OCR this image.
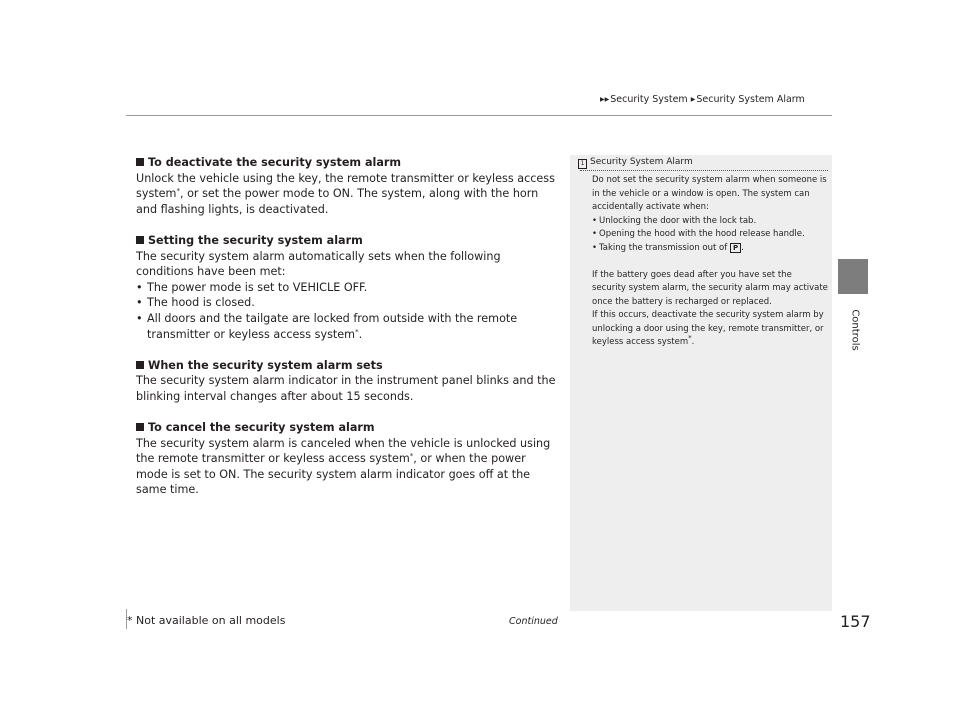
▶▶Security System ▶Security System Alarm
Controls
To deactivate the security system alarm

Unlock the vehicle using the key, the remote transmitter or keyless access system*, or set the power mode to ON. The system, along with the horn and flashing lights, is deactivated.

Setting the security system alarm

The security system alarm automatically sets when the following conditions have been met:

• The power mode is set to VEHICLE OFF.
• The hood is closed.
• All doors and the tailgate are locked from outside with the remote transmitter or keyless access system*.
When the security system alarm sets

The security system alarm indicator in the instrument panel blinks and the blinking interval changes after about 15 seconds.

To cancel the security system alarm

The security system alarm is canceled when the vehicle is unlocked using the remote transmitter or keyless access system*, or when the power mode is set to ON. The security system alarm indicator goes off at the same time.

1 Security System Alarm

Do not set the security system alarm when someone is in the vehicle or a window is open. The system can accidentally activate when:

• Unlocking the door with the lock tab.
• Opening the hood with the hood release handle.
• Taking the transmission out of P .

If the battery goes dead after you have set the security system alarm, the security alarm may activate once the battery is recharged or replaced.

If this occurs, deactivate the security system alarm by unlocking a door using the key, remote transmitter, or keyless access system*.

* Not available on all models	Continued	157
